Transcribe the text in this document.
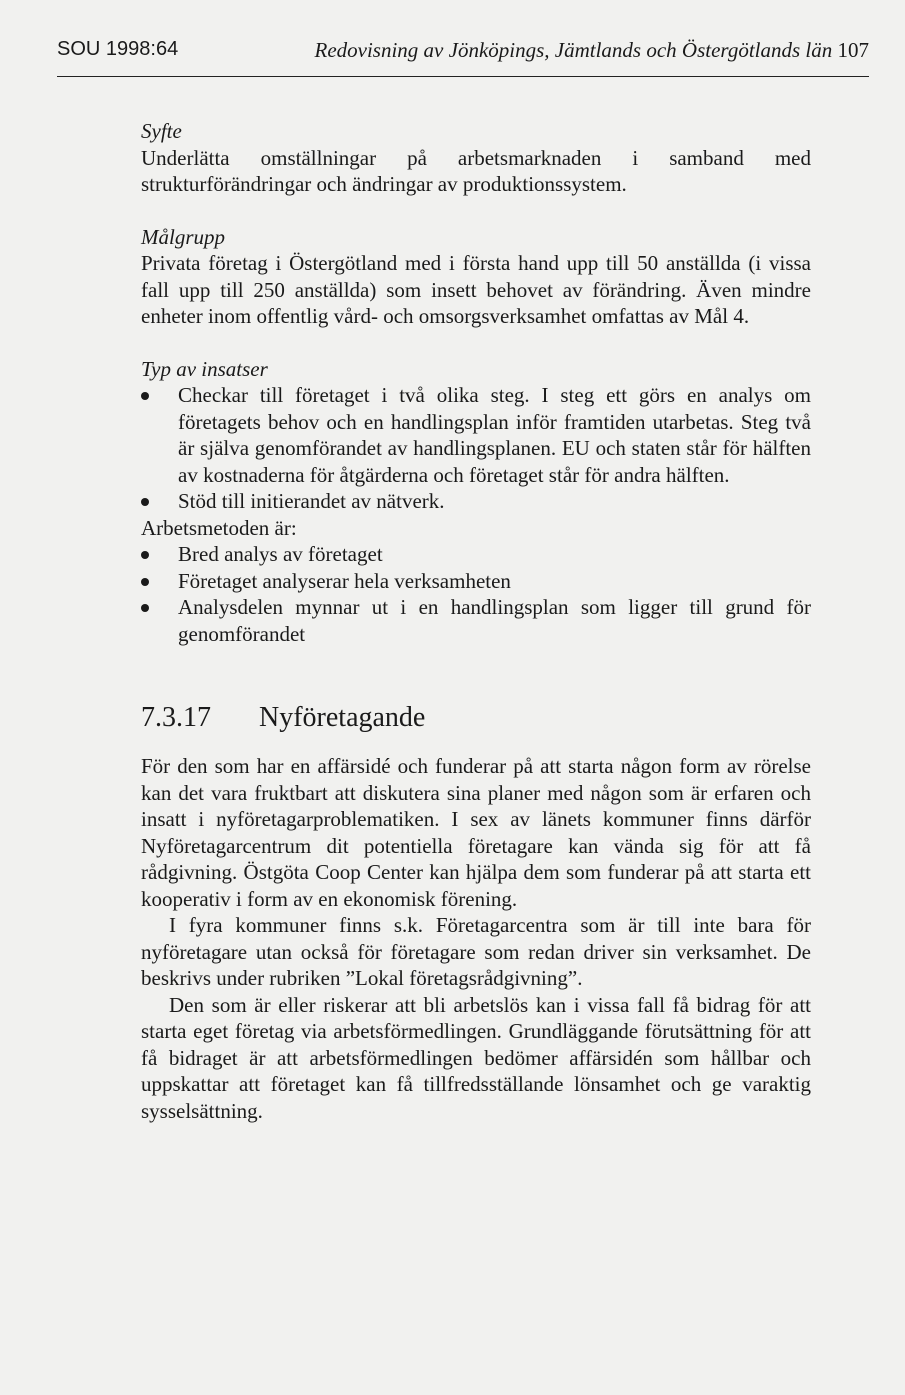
SOU 1998:64	Redovisning av Jönköpings, Jämtlands och Östergötlands län 107

Syfte

Underlätta omställningar på arbetsmarknaden i samband med strukturförändringar och ändringar av produktionssystem.

Målgrupp

Privata företag i Östergötland med i första hand upp till 50 anställda (i vissa fall upp till 250 anställda) som insett behovet av förändring. Även mindre enheter inom offentlig vård- och omsorgsverksamhet omfattas av Mål 4.

Typ av insatser

Checkar till företaget i två olika steg. I steg ett görs en analys om företagets behov och en handlingsplan inför framtiden utarbetas. Steg två är själva genomförandet av handlingsplanen. EU och staten står för hälften av kostnaderna för åtgärderna och företaget står för andra hälften.
Stöd till initierandet av nätverk.

Arbetsmetoden är:

Bred analys av företaget
Företaget analyserar hela verksamheten
Analysdelen mynnar ut i en handlingsplan som ligger till grund för genomförandet
7.3.17	Nyföretagande

För den som har en affärsidé och funderar på att starta någon form av rörelse kan det vara fruktbart att diskutera sina planer med någon som är erfaren och insatt i nyföretagarproblematiken. I sex av länets kommuner finns därför Nyföretagarcentrum dit potentiella företagare kan vända sig för att få rådgivning. Östgöta Coop Center kan hjälpa dem som funderar på att starta ett kooperativ i form av en ekonomisk förening.

I fyra kommuner finns s.k. Företagarcentra som är till inte bara för nyföretagare utan också för företagare som redan driver sin verksamhet. De beskrivs under rubriken ”Lokal företagsrådgivning”.

Den som är eller riskerar att bli arbetslös kan i vissa fall få bidrag för att starta eget företag via arbetsförmedlingen. Grundläggande förutsättning för att få bidraget är att arbetsförmedlingen bedömer affärsidén som hållbar och uppskattar att företaget kan få tillfredsställande lönsamhet och ge varaktig sysselsättning.
